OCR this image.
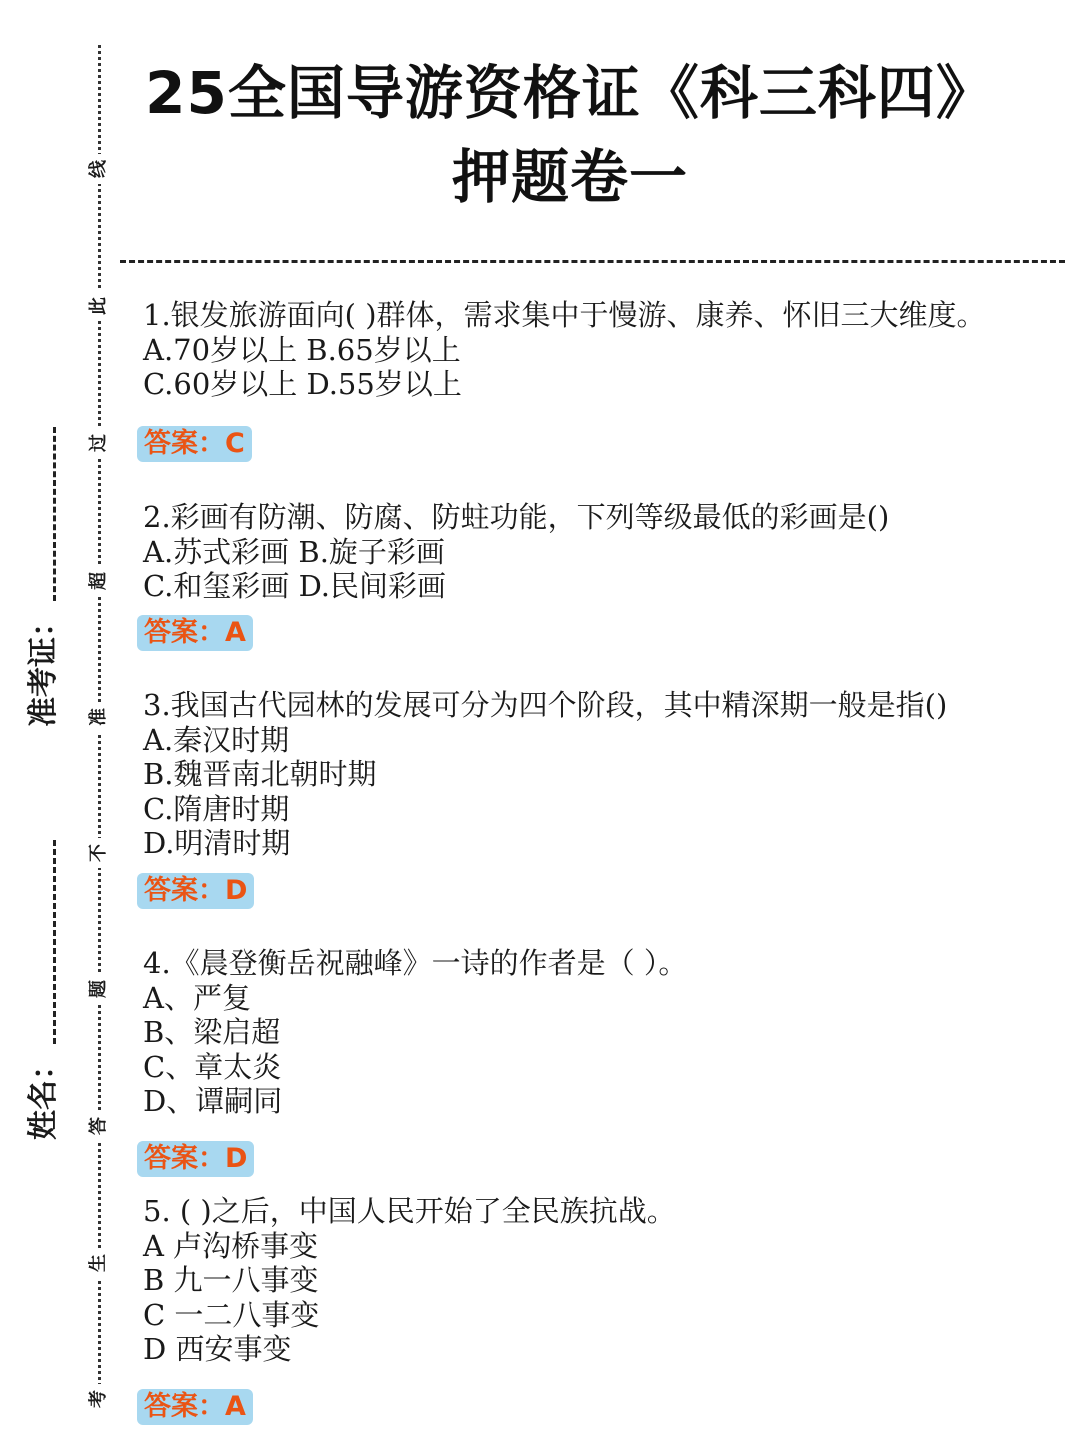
线
此
过
超
准
不
题
答
生
考
准考证：
姓名：
25全国导游资格证《科三科四》
押题卷一
1.银发旅游面向( )群体，需求集中于慢游、康养、怀旧三大维度。
A.70岁以上 B.65岁以上
C.60岁以上 D.55岁以上
答案：C
2.彩画有防潮、防腐、防蛀功能，下列等级最低的彩画是()
A.苏式彩画 B.旋子彩画
C.和玺彩画 D.民间彩画
答案：A
3.我国古代园林的发展可分为四个阶段，其中精深期一般是指()
A.秦汉时期
B.魏晋南北朝时期
C.隋唐时期
D.明清时期
答案：D
4.《晨登衡岳祝融峰》一诗的作者是（ ）。
A、严复
B、梁启超
C、章太炎
D、谭嗣同
答案：D
5. ( )之后，中国人民开始了全民族抗战。
A 卢沟桥事变
B 九一八事变
C 一二八事变
D 西安事变
答案：A
